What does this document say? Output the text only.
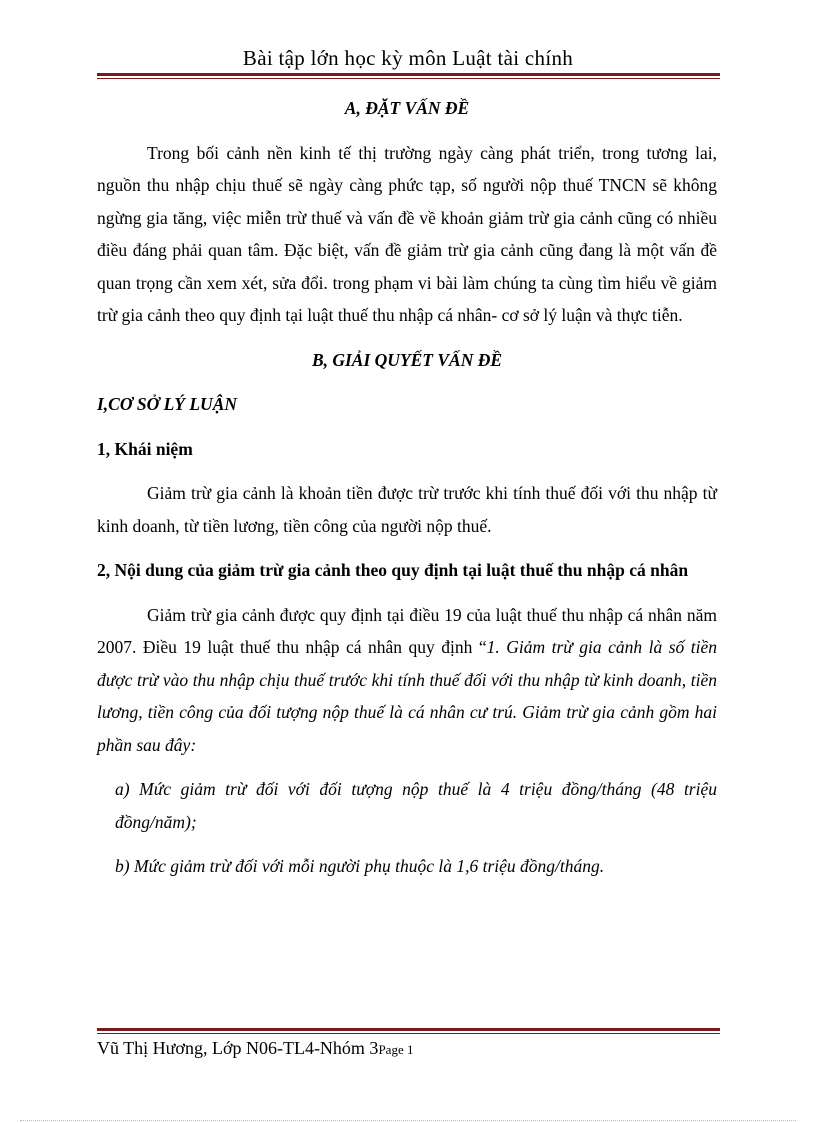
Bài tập lớn học kỳ môn Luật tài chính

A, ĐẶT VẤN ĐỀ

Trong bối cảnh nền kinh tế thị trường ngày càng phát triển, trong tương lai, nguồn thu nhập chịu thuế sẽ ngày càng phức tạp, số người nộp thuế TNCN sẽ không ngừng gia tăng, việc miễn trừ thuế và vấn đề về khoản giảm trừ gia cảnh cũng có nhiều điều đáng phải quan tâm. Đặc biệt, vấn đề giảm trừ gia cảnh cũng đang là một vấn đề quan trọng cần xem xét, sửa đổi. trong phạm vi bài làm chúng ta cùng tìm hiểu về giảm trừ gia cảnh theo quy định tại luật thuế thu nhập cá nhân- cơ sở lý luận và thực tiễn.

B, GIẢI QUYẾT VẤN ĐỀ

I,CƠ SỞ LÝ LUẬN

1, Khái niệm

Giảm trừ gia cảnh là khoản tiền được trừ trước khi tính thuế đối với thu nhập từ kinh doanh, từ tiền lương, tiền công của người nộp thuế.

2, Nội dung của giảm trừ gia cảnh theo quy định tại luật thuế thu nhập cá nhân

Giảm trừ gia cảnh được quy định tại điều 19 của luật thuế thu nhập cá nhân năm 2007. Điều 19 luật thuế thu nhập cá nhân quy định “1. Giảm trừ gia cảnh là số tiền được trừ vào thu nhập chịu thuế trước khi tính thuế đối với thu nhập từ kinh doanh, tiền lương, tiền công của đối tượng nộp thuế là cá nhân cư trú. Giảm trừ gia cảnh gồm hai phần sau đây:

a) Mức giảm trừ đối với đối tượng nộp thuế là 4 triệu đồng/tháng (48 triệu đồng/năm);

b) Mức giảm trừ đối với mỗi người phụ thuộc là 1,6 triệu đồng/tháng.

Vũ Thị Hương, Lớp N06-TL4-Nhóm 3Page 1
